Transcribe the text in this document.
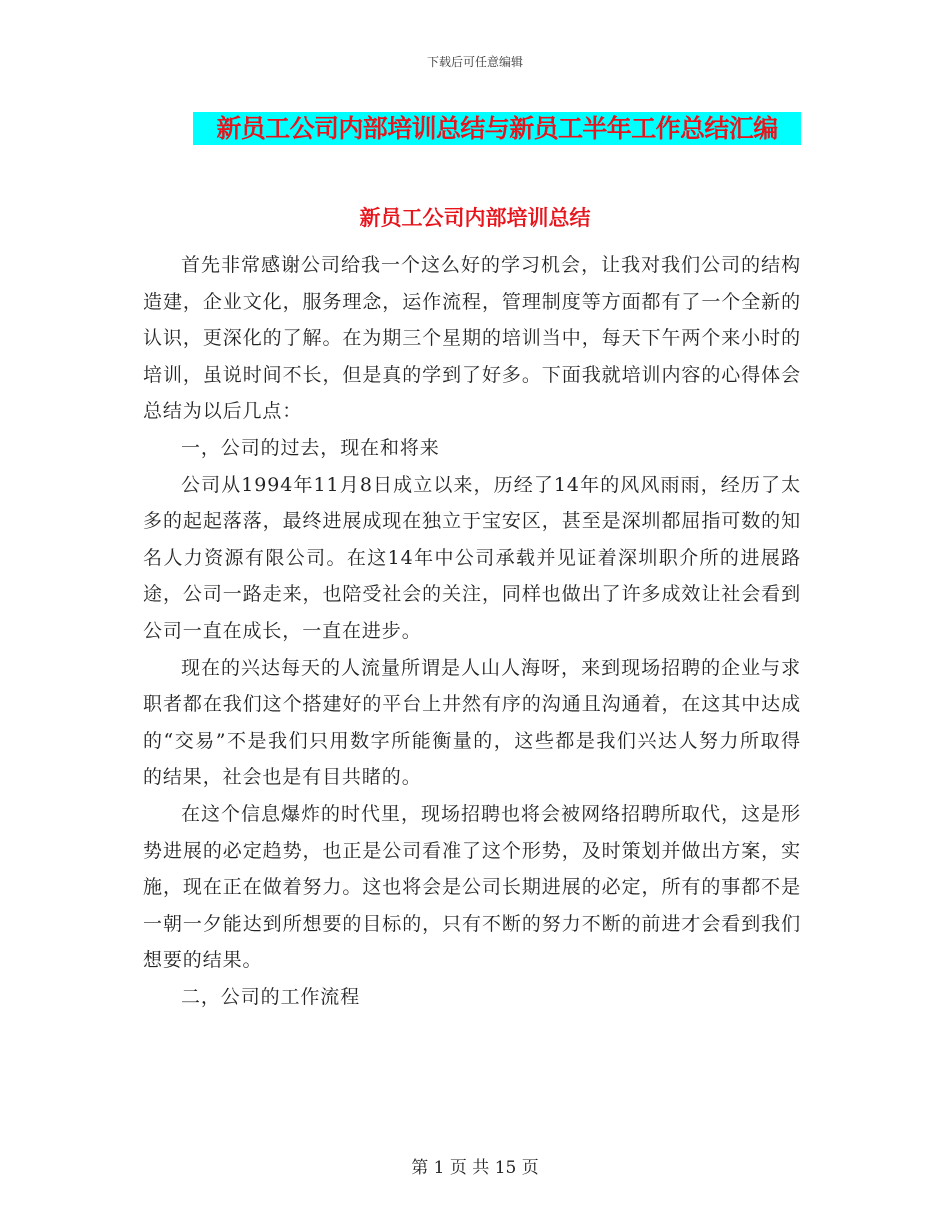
下载后可任意编辑
新员工公司内部培训总结与新员工半年工作总结汇编
新员工公司内部培训总结

首先非常感谢公司给我一个这么好的学习机会，让我对我们公司的结构造建，企业文化，服务理念，运作流程，管理制度等方面都有了一个全新的认识，更深化的了解。在为期三个星期的培训当中，每天下午两个来小时的培训，虽说时间不长，但是真的学到了好多。下面我就培训内容的心得体会总结为以后几点：

一，公司的过去，现在和将来

公司从1994年11月8日成立以来，历经了14年的风风雨雨，经历了太多的起起落落，最终进展成现在独立于宝安区，甚至是深圳都屈指可数的知名人力资源有限公司。在这14年中公司承载并见证着深圳职介所的进展路途，公司一路走来，也陪受社会的关注，同样也做出了许多成效让社会看到公司一直在成长，一直在进步。

现在的兴达每天的人流量所谓是人山人海呀，来到现场招聘的企业与求职者都在我们这个搭建好的平台上井然有序的沟通且沟通着，在这其中达成的“交易”不是我们只用数字所能衡量的，这些都是我们兴达人努力所取得的结果，社会也是有目共睹的。

在这个信息爆炸的时代里，现场招聘也将会被网络招聘所取代，这是形势进展的必定趋势，也正是公司看准了这个形势，及时策划并做出方案，实施，现在正在做着努力。这也将会是公司长期进展的必定，所有的事都不是一朝一夕能达到所想要的目标的，只有不断的努力不断的前进才会看到我们想要的结果。

二，公司的工作流程

第 1 页 共 15 页
